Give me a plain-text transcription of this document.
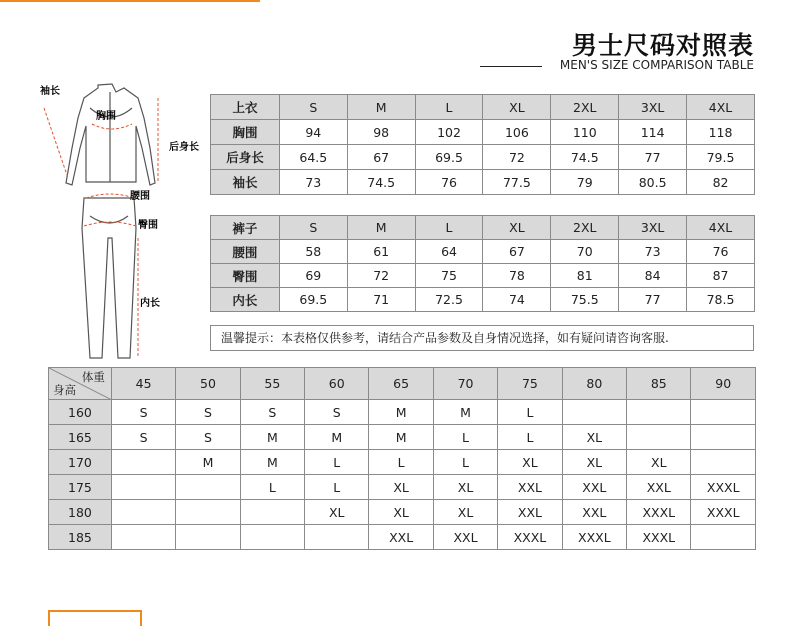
男士尺码对照表
MEN'S SIZE COMPARISON TABLE
袖长
胸围
后身长
腰围
臀围
内长
上衣	S	M	L	XL	2XL	3XL	4XL
胸围	94	98	102	106	110	114	118
后身长	64.5	67	69.5	72	74.5	77	79.5
袖长	73	74.5	76	77.5	79	80.5	82
裤子	S	M	L	XL	2XL	3XL	4XL
腰围	58	61	64	67	70	73	76
臀围	69	72	75	78	81	84	87
内长	69.5	71	72.5	74	75.5	77	78.5
温馨提示：本表格仅供参考，请结合产品参数及自身情况选择，如有疑问请咨询客服.
体重
身高	45	50	55	60	65	70	75	80	85	90
160	S	S	S	S	M	M	L			
165	S	S	M	M	M	L	L	XL		
170		M	M	L	L	L	XL	XL	XL	
175			L	L	XL	XL	XXL	XXL	XXL	XXXL
180				XL	XL	XL	XXL	XXL	XXXL	XXXL
185					XXL	XXL	XXXL	XXXL	XXXL	
